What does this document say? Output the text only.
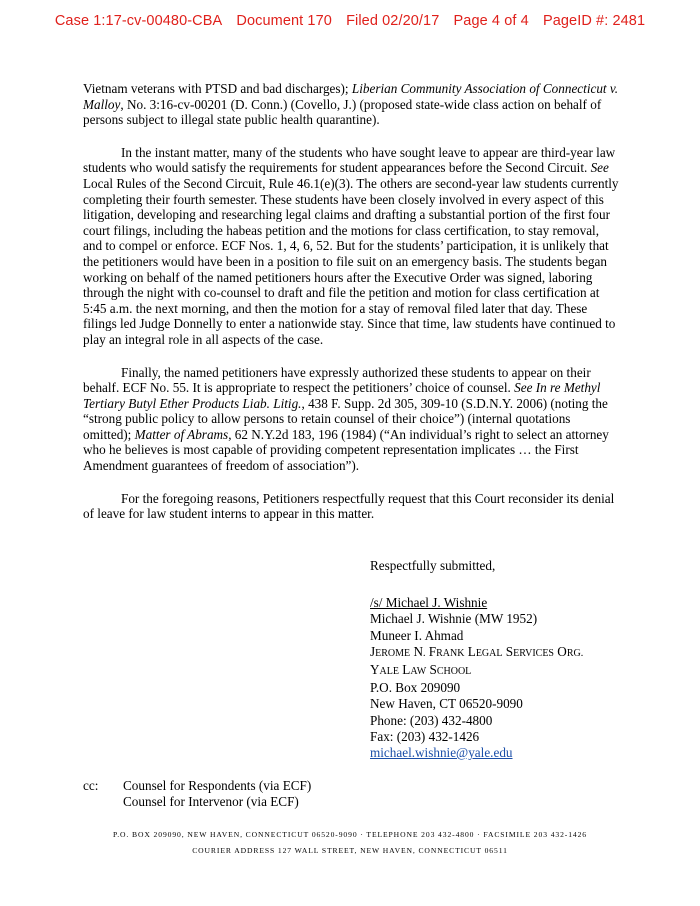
Case 1:17-cv-00480-CBA Document 170 Filed 02/20/17 Page 4 of 4 PageID #: 2481

Vietnam veterans with PTSD and bad discharges); Liberian Community Association of Connecticut v. Malloy, No. 3:16-cv-00201 (D. Conn.) (Covello, J.) (proposed state-wide class action on behalf of persons subject to illegal state public health quarantine).

In the instant matter, many of the students who have sought leave to appear are third-year law students who would satisfy the requirements for student appearances before the Second Circuit. See Local Rules of the Second Circuit, Rule 46.1(e)(3). The others are second-year law students currently completing their fourth semester. These students have been closely involved in every aspect of this litigation, developing and researching legal claims and drafting a substantial portion of the first four court filings, including the habeas petition and the motions for class certification, to stay removal, and to compel or enforce. ECF Nos. 1, 4, 6, 52. But for the students’ participation, it is unlikely that the petitioners would have been in a position to file suit on an emergency basis. The students began working on behalf of the named petitioners hours after the Executive Order was signed, laboring through the night with co-counsel to draft and file the petition and motion for class certification at 5:45 a.m. the next morning, and then the motion for a stay of removal filed later that day. These filings led Judge Donnelly to enter a nationwide stay. Since that time, law students have continued to play an integral role in all aspects of the case.

Finally, the named petitioners have expressly authorized these students to appear on their behalf. ECF No. 55. It is appropriate to respect the petitioners’ choice of counsel. See In re Methyl Tertiary Butyl Ether Products Liab. Litig., 438 F. Supp. 2d 305, 309-10 (S.D.N.Y. 2006) (noting the “strong public policy to allow persons to retain counsel of their choice”) (internal quotations omitted); Matter of Abrams, 62 N.Y.2d 183, 196 (1984) (“An individual’s right to select an attorney who he believes is most capable of providing competent representation implicates … the First Amendment guarantees of freedom of association”).

For the foregoing reasons, Petitioners respectfully request that this Court reconsider its denial of leave for law student interns to appear in this matter.

Respectfully submitted,
/s/ Michael J. Wishnie
Michael J. Wishnie (MW 1952)
Muneer I. Ahmad
JEROME N. FRANK LEGAL SERVICES ORG.
YALE LAW SCHOOL
P.O. Box 209090
New Haven, CT 06520-9090
Phone: (203) 432-4800
Fax: (203) 432-1426
michael.wishnie@yale.edu
cc: Counsel for Respondents (via ECF)
Counsel for Intervenor (via ECF)
P.O. BOX 209090, NEW HAVEN, CONNECTICUT 06520-9090 · TELEPHONE 203 432-4800 · FACSIMILE 203 432-1426
COURIER ADDRESS 127 WALL STREET, NEW HAVEN, CONNECTICUT 06511
